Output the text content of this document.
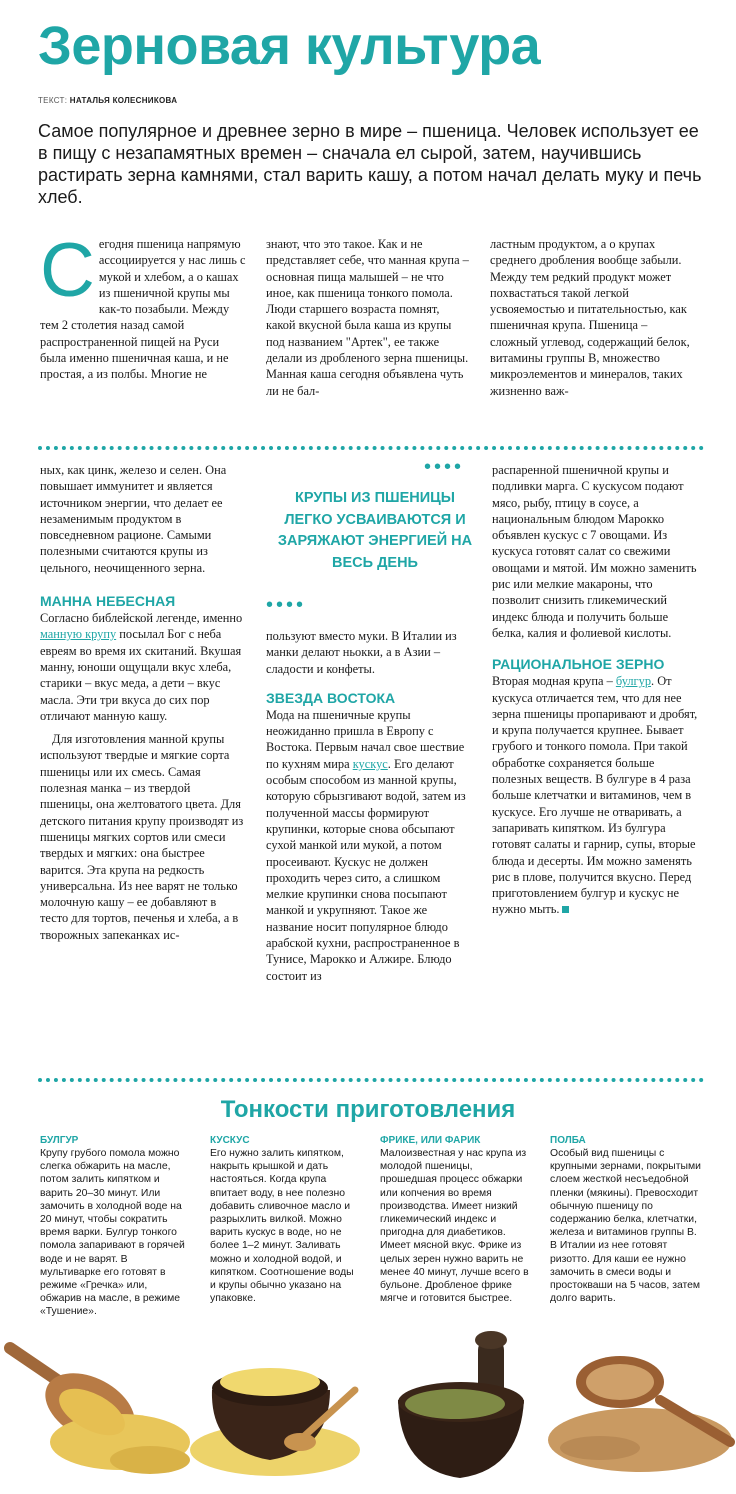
Зерновая культура
ТЕКСТ: НАТАЛЬЯ КОЛЕСНИКОВА
Самое популярное и древнее зерно в мире – пшеница. Человек использует ее в пищу с незапамятных времен – сначала ел сырой, затем, научившись растирать зерна камнями, стал варить кашу, а потом начал делать муку и печь хлеб.
С егодня пшеница напрямую ассоциируется у нас лишь с мукой и хлебом, а о кашах из пшеничной крупы мы как-то позабыли. Между тем 2 столетия назад самой распространенной пищей на Руси была именно пшеничная каша, и не простая, а из полбы. Многие не
знают, что это такое. Как и не представляет себе, что манная крупа – основная пища малышей – не что иное, как пшеница тонкого помола. Люди старшего возраста помнят, какой вкусной была каша из крупы под названием "Артек", ее также делали из дробленого зерна пшеницы. Манная каша сегодня объявлена чуть ли не бал-
ластным продуктом, а о крупах среднего дробления вообще забыли. Между тем редкий продукт может похвастаться такой легкой усвояемостью и питательностью, как пшеничная крупа. Пшеница – сложный углевод, содержащий белок, витамины группы В, множество микроэлементов и минералов, таких жизненно важ-

ных, как цинк, железо и селен. Она повышает иммунитет и является источником энергии, что делает ее незаменимым продуктом в повседневном рационе. Самыми полезными считаются крупы из цельного, неочищенного зерна.

МАННА НЕБЕСНАЯ

Согласно библейской легенде, именно манную крупу посылал Бог с неба евреям во время их скитаний. Вкушая манну, юноши ощущали вкус хлеба, старики – вкус меда, а дети – вкус масла. Эти три вкуса до сих пор отличают манную кашу.

Для изготовления манной крупы используют твердые и мягкие сорта пшеницы или их смесь. Самая полезная манка – из твердой пшеницы, она желтоватого цвета. Для детского питания крупу производят из пшеницы мягких сортов или смеси твердых и мягких: она быстрее варится. Эта крупа на редкость универсальна. Из нее варят не только молочную кашу – ее добавляют в тесто для тортов, печенья и хлеба, а в творожных запеканках ис-

••••
КРУПЫ ИЗ ПШЕНИЦЫ ЛЕГКО УСВАИВАЮТСЯ И ЗАРЯЖАЮТ ЭНЕРГИЕЙ НА ВЕСЬ ДЕНЬ
••••

пользуют вместо муки. В Италии из манки делают ньокки, а в Азии – сладости и конфеты.

ЗВЕЗДА ВОСТОКА

Мода на пшеничные крупы неожиданно пришла в Европу с Востока. Первым начал свое шествие по кухням мира кускус. Его делают особым способом из манной крупы, которую сбрызгивают водой, затем из полученной массы формируют крупинки, которые снова обсыпают сухой манкой или мукой, а потом просеивают. Кускус не должен проходить через сито, а слишком мелкие крупинки снова посыпают манкой и укрупняют. Такое же название носит популярное блюдо арабской кухни, распространенное в Тунисе, Марокко и Алжире. Блюдо состоит из

распаренной пшеничной крупы и подливки марга. С кускусом подают мясо, рыбу, птицу в соусе, а национальным блюдом Марокко объявлен кускус с 7 овощами. Из кускуса готовят салат со свежими овощами и мятой. Им можно заменить рис или мелкие макароны, что позволит снизить гликемический индекс блюда и получить больше белка, калия и фолиевой кислоты.

РАЦИОНАЛЬНОЕ ЗЕРНО

Вторая модная крупа – булгур. От кускуса отличается тем, что для нее зерна пшеницы пропаривают и дробят, и крупа получается крупнее. Бывает грубого и тонкого помола. При такой обработке сохраняется больше полезных веществ. В булгуре в 4 раза больше клетчатки и витаминов, чем в кускусе. Его лучше не отваривать, а запаривать кипятком. Из булгура готовят салаты и гарнир, супы, вторые блюда и десерты. Им можно заменять рис в плове, получится вкусно. Перед приготовлением булгур и кускус не нужно мыть.

Тонкости приготовления
БУЛГУР
Крупу грубого помола можно слегка обжарить на масле, потом залить кипятком и варить 20–30 минут. Или замочить в холодной воде на 20 минут, чтобы сократить время варки. Булгур тонкого помола запаривают в горячей воде и не варят. В мультиварке его готовят в режиме «Гречка» или, обжарив на масле, в режиме «Тушение».
КУСКУС
Его нужно залить кипятком, накрыть крышкой и дать настояться. Когда крупа впитает воду, в нее полезно добавить сливочное масло и разрыхлить вилкой. Можно варить кускус в воде, но не более 1–2 минут. Заливать можно и холодной водой, и кипятком. Соотношение воды и крупы обычно указано на упаковке.
ФРИКЕ, ИЛИ ФАРИК
Малоизвестная у нас крупа из молодой пшеницы, прошедшая процесс обжарки или копчения во время производства. Имеет низкий гликемический индекс и пригодна для диабетиков. Имеет мясной вкус. Фрике из целых зерен нужно варить не менее 40 минут, лучше всего в бульоне. Дробленое фрике мягче и готовится быстрее.
ПОЛБА
Особый вид пшеницы с крупными зернами, покрытыми слоем жесткой несъедобной пленки (мякины). Превосходит обычную пшеницу по содержанию белка, клетчатки, железа и витаминов группы В. В Италии из нее готовят ризотто. Для каши ее нужно замочить в смеси воды и простокваши на 5 часов, затем долго варить.
